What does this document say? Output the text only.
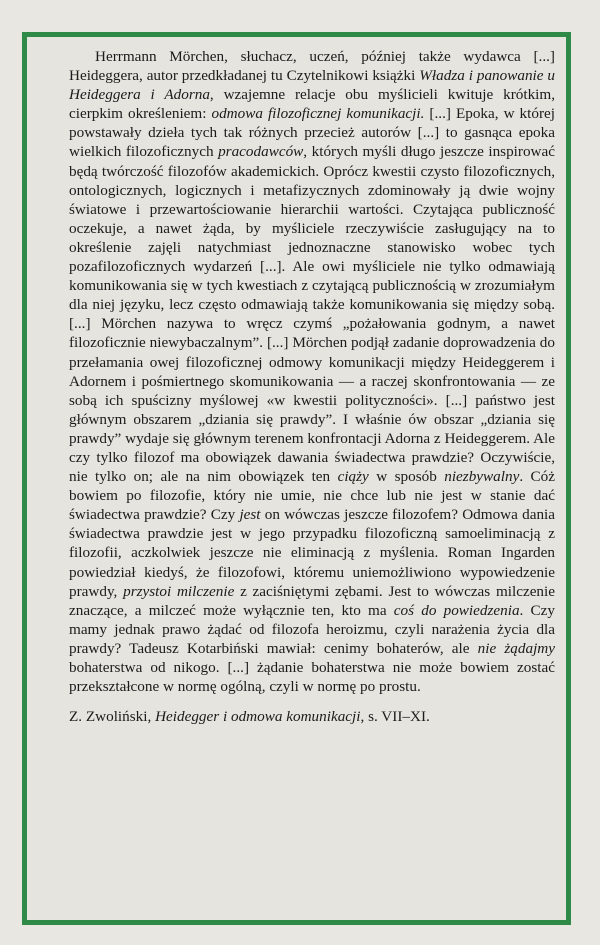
Herrmann Mörchen, słuchacz, uczeń, później także wydawca [...] Heideggera, autor przedkładanej tu Czytelnikowi książki Władza i panowanie u Heideggera i Adorna, wzajemne relacje obu myślicieli kwituje krótkim, cierpkim określeniem: odmowa filozoficznej komunikacji. [...] Epoka, w której powstawały dzieła tych tak różnych przecież autorów [...] to gasnąca epoka wielkich filozoficznych pracodawców, których myśli długo jeszcze inspirować będą twórczość filozofów akademickich. Oprócz kwestii czysto filozoficznych, ontologicznych, logicznych i metafizycznych zdominowały ją dwie wojny światowe i przewartościowanie hierarchii wartości. Czytająca publiczność oczekuje, a nawet żąda, by myśliciele rzeczywiście zasługujący na to określenie zajęli natychmiast jednoznaczne stanowisko wobec tych pozafilozoficznych wydarzeń [...]. Ale owi myśliciele nie tylko odmawiają komunikowania się w tych kwestiach z czytającą publicznością w zrozumiałym dla niej języku, lecz często odmawiają także komunikowania się między sobą. [...] Mörchen nazywa to wręcz czymś „pożałowania godnym, a nawet filozoficznie niewybaczalnym”. [...] Mörchen podjął zadanie doprowadzenia do przełamania owej filozoficznej odmowy komunikacji między Heideggerem i Adornem i pośmiertnego skomunikowania — a raczej skonfrontowania — ze sobą ich spuścizny myślowej «w kwestii polityczności». [...] państwo jest głównym obszarem „dziania się prawdy”. I właśnie ów obszar „dziania się prawdy” wydaje się głównym terenem konfrontacji Adorna z Heideggerem. Ale czy tylko filozof ma obowiązek dawania świadectwa prawdzie? Oczywiście, nie tylko on; ale na nim obowiązek ten ciąży w sposób niezbywalny. Cóż bowiem po filozofie, który nie umie, nie chce lub nie jest w stanie dać świadectwa prawdzie? Czy jest on wówczas jeszcze filozofem? Odmowa dania świadectwa prawdzie jest w jego przypadku filozoficzną samoeliminacją z filozofii, aczkolwiek jeszcze nie eliminacją z myślenia. Roman Ingarden powiedział kiedyś, że filozofowi, któremu uniemożliwiono wypowiedzenie prawdy, przystoi milczenie z zaciśniętymi zębami. Jest to wówczas milczenie znaczące, a milczeć może wyłącznie ten, kto ma coś do powiedzenia. Czy mamy jednak prawo żądać od filozofa heroizmu, czyli narażenia życia dla prawdy? Tadeusz Kotarbiński mawiał: cenimy bohaterów, ale nie żądajmy bohaterstwa od nikogo. [...] żądanie bohaterstwa nie może bowiem zostać przekształcone w normę ogólną, czyli w normę po prostu.

Z. Zwoliński, Heidegger i odmowa komunikacji, s. VII–XI.
